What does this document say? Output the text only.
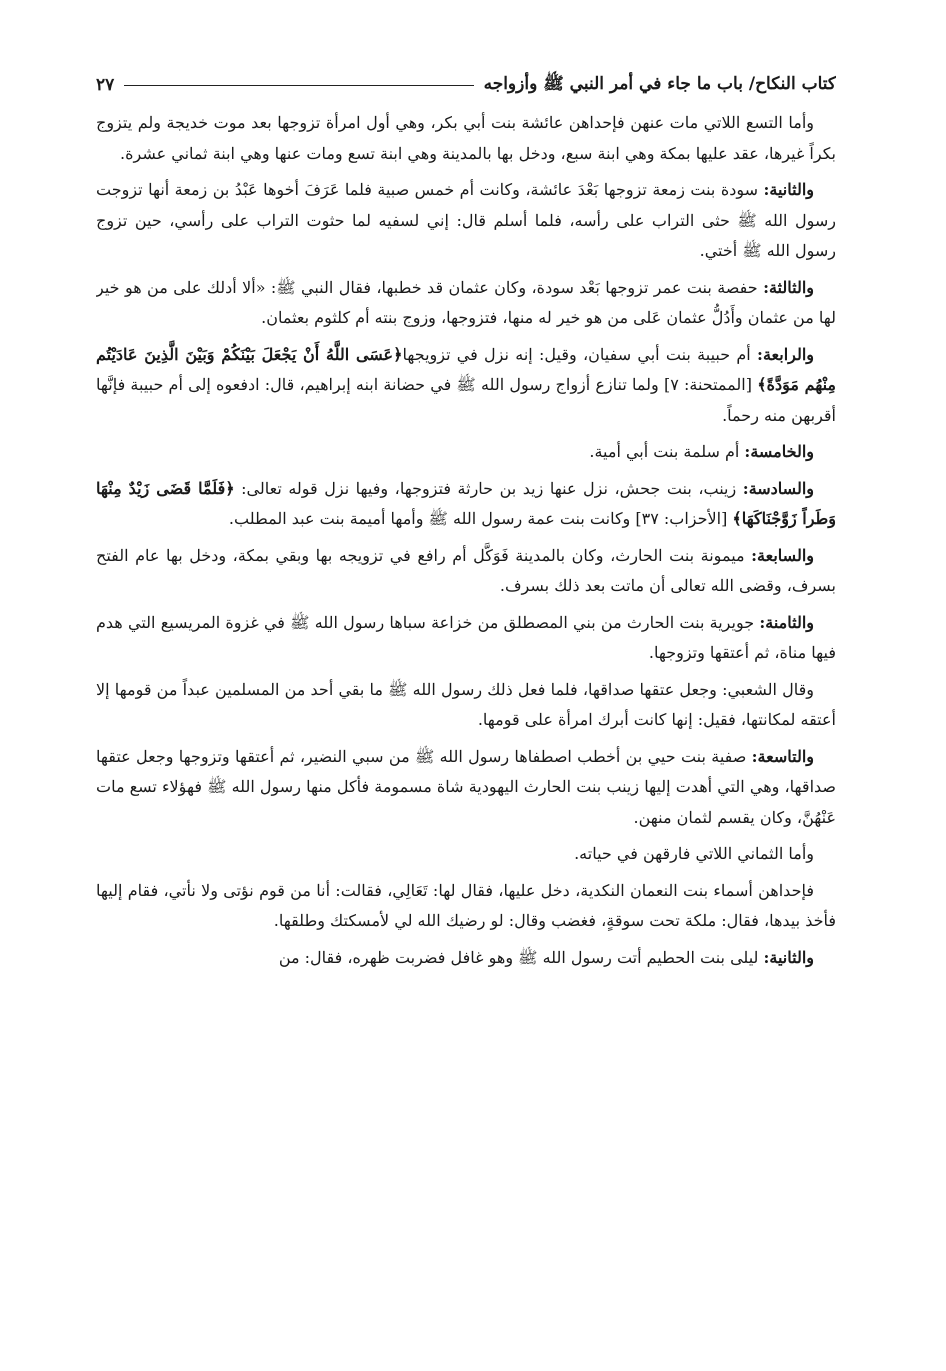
كتاب النكاح/ باب ما جاء في أمر النبي ﷺ وأزواجه
٢٧

وأما التسع اللاتي مات عنهن فإحداهن عائشة بنت أبي بكر، وهي أول امرأة تزوجها بعد موت خديجة ولم يتزوج بكراً غيرها، عقد عليها بمكة وهي ابنة سبع، ودخل بها بالمدينة وهي ابنة تسع ومات عنها وهي ابنة ثماني عشرة.

والثانية: سودة بنت زمعة تزوجها بَعْدَ عائشة، وكانت أم خمس صبية فلما عَرَفَ أخوها عَبْدُ بن زمعة أنها تزوجت رسول الله ﷺ حثى التراب على رأسه، فلما أسلم قال: إني لسفيه لما حثوت التراب على رأسي، حين تزوج رسول الله ﷺ أختي.

والثالثة: حفصة بنت عمر تزوجها بَعْد سودة، وكان عثمان قد خطبها، فقال النبي ﷺ: «ألا أدلك على من هو خير لها من عثمان وأَدُلُّ عثمان عَلى من هو خير له منها، فتزوجها، وزوج بنته أم كلثوم بعثمان.

والرابعة: أم حبيبة بنت أبي سفيان، وقيل: إنه نزل في تزويجها﴿عَسَى اللَّهُ أَنْ يَجْعَلَ بَيْنَكُمْ وَبَيْنَ الَّذِينَ عَادَيْتُم مِنْهُم مَوَدَّةً﴾ [الممتحنة: ٧] ولما تنازع أزواج رسول الله ﷺ في حضانة ابنه إبراهيم، قال: ادفعوه إلى أم حبيبة فإنَّها أقربهن منه رحماً.

والخامسة: أم سلمة بنت أبي أمية.

والسادسة: زينب، بنت جحش، نزل عنها زيد بن حارثة فتزوجها، وفيها نزل قوله تعالى: ﴿فَلَمَّا قَضَى زَيْدٌ مِنْهَا وَطَراً زَوَّجْنَاكَهَا﴾ [الأحزاب: ٣٧] وكانت بنت عمة رسول الله ﷺ وأمها أميمة بنت عبد المطلب.

والسابعة: ميمونة بنت الحارث، وكان بالمدينة فَوَكَّل أم رافع في تزويجه بها وبقي بمكة، ودخل بها عام الفتح بسرف، وقضى الله تعالى أن ماتت بعد ذلك بسرف.

والثامنة: جويرية بنت الحارث من بني المصطلق من خزاعة سباها رسول الله ﷺ في غزوة المريسيع التي هدم فيها مناة، ثم أعتقها وتزوجها.

وقال الشعبي: وجعل عتقها صداقها، فلما فعل ذلك رسول الله ﷺ ما بقي أحد من المسلمين عبداً من قومها إلا أعتقه لمكانتها، فقيل: إنها كانت أبرك امرأة على قومها.

والتاسعة: صفية بنت حيي بن أخطب اصطفاها رسول الله ﷺ من سبي النضير، ثم أعتقها وتزوجها وجعل عتقها صداقها، وهي التي أهدت إليها زينب بنت الحارث اليهودية شاة مسمومة فأكل منها رسول الله ﷺ فهؤلاء تسع مات عَنْهُنَّ، وكان يقسم لثمان منهن.

وأما الثماني اللاتي فارقهن في حياته.

فإحداهن أسماء بنت النعمان النكدية، دخل عليها، فقال لها: تَعَالِي، فقالت: أنا من قوم نؤتى ولا نأتي، فقام إليها فأخذ بيدها، فقال: ملكة تحت سوقةٍ، فغضب وقال: لو رضيك الله لي لأمسكتك وطلقها.

والثانية: ليلى بنت الحطيم أتت رسول الله ﷺ وهو غافل فضربت ظهره، فقال: من
